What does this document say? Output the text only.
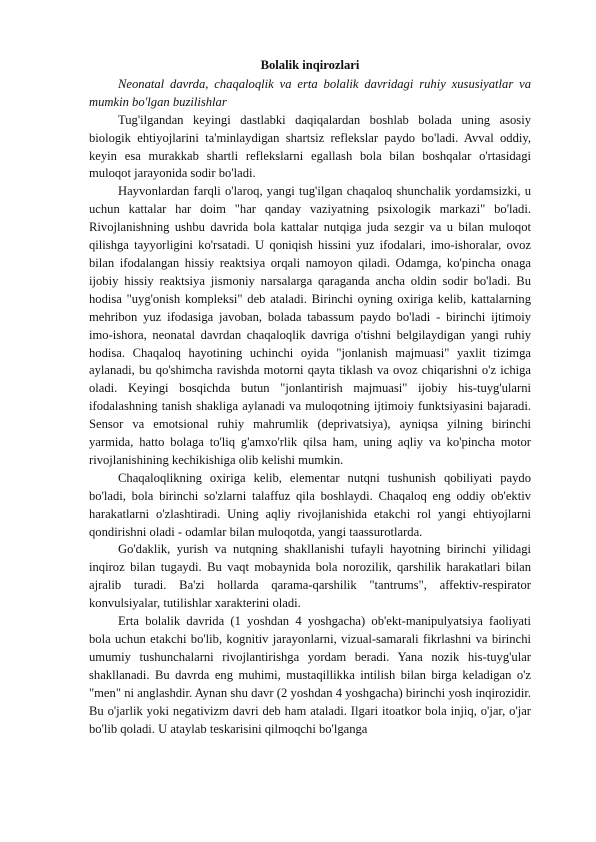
Bolalik inqirozlari

Neonatal davrda, chaqaloqlik va erta bolalik davridagi ruhiy xususiyatlar va mumkin bo'lgan buzilishlar

Tug'ilgandan keyingi dastlabki daqiqalardan boshlab bolada uning asosiy biologik ehtiyojlarini ta'minlaydigan shartsiz reflekslar paydo bo'ladi. Avval oddiy, keyin esa murakkab shartli reflekslarni egallash bola bilan boshqalar o'rtasidagi muloqot jarayonida sodir bo'ladi.

Hayvonlardan farqli o'laroq, yangi tug'ilgan chaqaloq shunchalik yordamsizki, u uchun kattalar har doim "har qanday vaziyatning psixologik markazi" bo'ladi. Rivojlanishning ushbu davrida bola kattalar nutqiga juda sezgir va u bilan muloqot qilishga tayyorligini ko'rsatadi. U qoniqish hissini yuz ifodalari, imo-ishoralar, ovoz bilan ifodalangan hissiy reaktsiya orqali namoyon qiladi. Odamga, ko'pincha onaga ijobiy hissiy reaktsiya jismoniy narsalarga qaraganda ancha oldin sodir bo'ladi. Bu hodisa "uyg'onish kompleksi" deb ataladi. Birinchi oyning oxiriga kelib, kattalarning mehribon yuz ifodasiga javoban, bolada tabassum paydo bo'ladi - birinchi ijtimoiy imo-ishora, neonatal davrdan chaqaloqlik davriga o'tishni belgilaydigan yangi ruhiy hodisa. Chaqaloq hayotining uchinchi oyida "jonlanish majmuasi" yaxlit tizimga aylanadi, bu qo'shimcha ravishda motorni qayta tiklash va ovoz chiqarishni o'z ichiga oladi. Keyingi bosqichda butun "jonlantirish majmuasi" ijobiy his-tuyg'ularni ifodalashning tanish shakliga aylanadi va muloqotning ijtimoiy funktsiyasini bajaradi. Sensor va emotsional ruhiy mahrumlik (deprivatsiya), ayniqsa yilning birinchi yarmida, hatto bolaga to'liq g'amxo'rlik qilsa ham, uning aqliy va ko'pincha motor rivojlanishining kechikishiga olib kelishi mumkin.

Chaqaloqlikning oxiriga kelib, elementar nutqni tushunish qobiliyati paydo bo'ladi, bola birinchi so'zlarni talaffuz qila boshlaydi. Chaqaloq eng oddiy ob'ektiv harakatlarni o'zlashtiradi. Uning aqliy rivojlanishida etakchi rol yangi ehtiyojlarni qondirishni oladi - odamlar bilan muloqotda, yangi taassurotlarda.

Go'daklik, yurish va nutqning shakllanishi tufayli hayotning birinchi yilidagi inqiroz bilan tugaydi. Bu vaqt mobaynida bola norozilik, qarshilik harakatlari bilan ajralib turadi. Ba'zi hollarda qarama-qarshilik "tantrums", affektiv-respirator konvulsiyalar, tutilishlar xarakterini oladi.

Erta bolalik davrida (1 yoshdan 4 yoshgacha) ob'ekt-manipulyatsiya faoliyati bola uchun etakchi bo'lib, kognitiv jarayonlarni, vizual-samarali fikrlashni va birinchi umumiy tushunchalarni rivojlantirishga yordam beradi. Yana nozik his-tuyg'ular shakllanadi. Bu davrda eng muhimi, mustaqillikka intilish bilan birga keladigan o'z "men" ni anglashdir. Aynan shu davr (2 yoshdan 4 yoshgacha) birinchi yosh inqirozidir. Bu o'jarlik yoki negativizm davri deb ham ataladi. Ilgari itoatkor bola injiq, o'jar, o'jar bo'lib qoladi. U ataylab teskarisini qilmoqchi bo'lganga
